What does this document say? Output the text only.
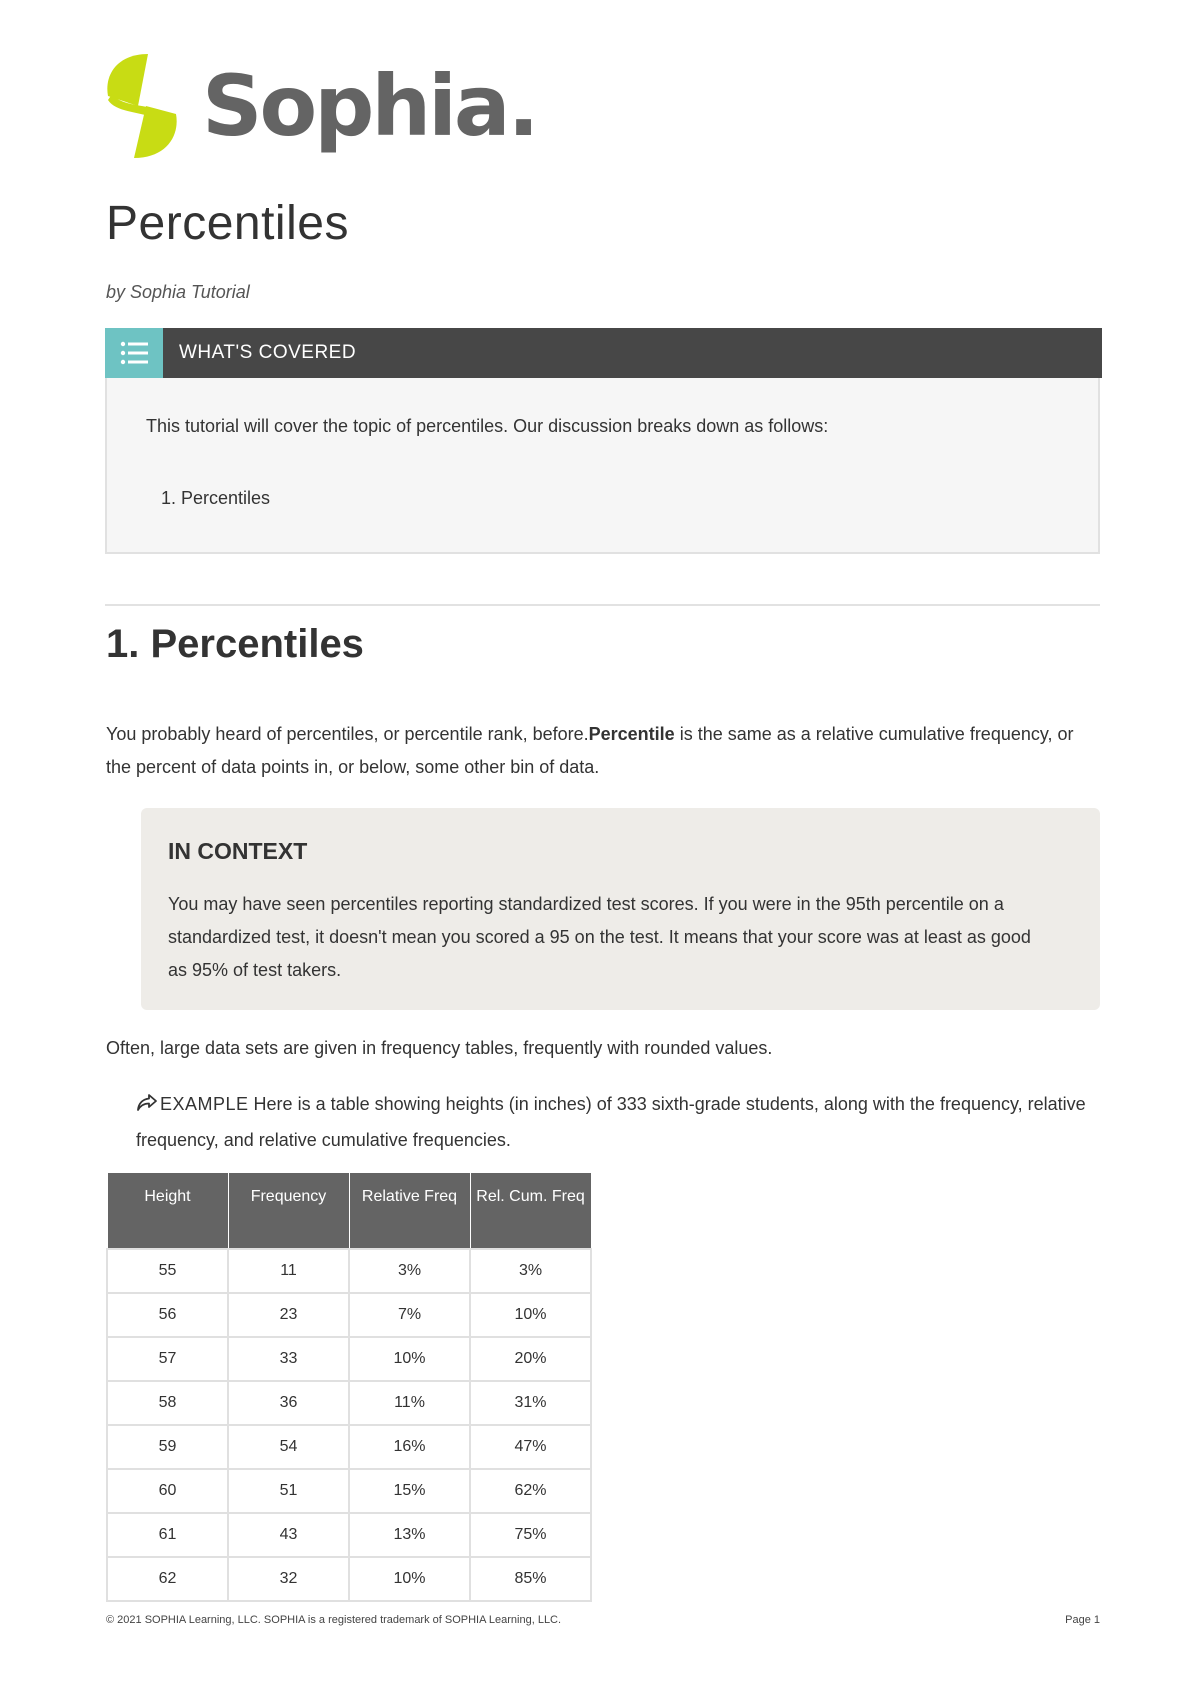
Sophia.
Percentiles
by Sophia Tutorial
WHAT'S COVERED
This tutorial will cover the topic of percentiles. Our discussion breaks down as follows:
1. Percentiles
1. Percentiles

You probably heard of percentiles, or percentile rank, before.Percentile is the same as a relative cumulative frequency, or the percent of data points in, or below, some other bin of data.

IN CONTEXT

You may have seen percentiles reporting standardized test scores. If you were in the 95th percentile on a standardized test, it doesn't mean you scored a 95 on the test. It means that your score was at least as good as 95% of test takers.

Often, large data sets are given in frequency tables, frequently with rounded values.

EXAMPLE Here is a table showing heights (in inches) of 333 sixth-grade students, along with the frequency, relative frequency, and relative cumulative frequencies.

Height	Frequency	Relative Freq	Rel. Cum. Freq
55	11	3%	3%
56	23	7%	10%
57	33	10%	20%
58	36	11%	31%
59	54	16%	47%
60	51	15%	62%
61	43	13%	75%
62	32	10%	85%
© 2021 SOPHIA Learning, LLC. SOPHIA is a registered trademark of SOPHIA Learning, LLC.	Page 1
